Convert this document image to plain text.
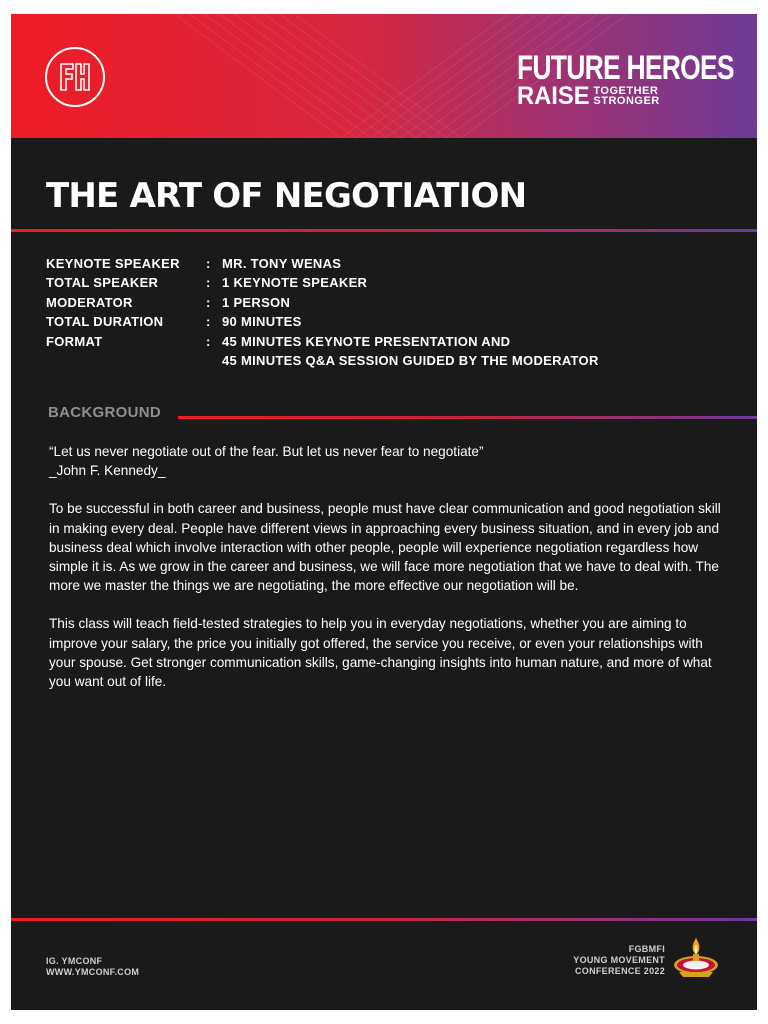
FUTURE HEROES
RAISE TOGETHER
STRONGER
THE ART OF NEGOTIATION
KEYNOTE SPEAKER	: MR. TONY WENAS
TOTAL SPEAKER	: 1 KEYNOTE SPEAKER
MODERATOR	: 1 PERSON
TOTAL DURATION	: 90 MINUTES
FORMAT	: 45 MINUTES KEYNOTE PRESENTATION AND
45 MINUTES Q&A SESSION GUIDED BY THE MODERATOR
BACKGROUND

“Let us never negotiate out of the fear. But let us never fear to negotiate”
_John F. Kennedy_

To be successful in both career and business, people must have clear communication and good negotiation skill in making every deal. People have different views in approaching every business situation, and in every job and business deal which involve interaction with other people, people will experience negotiation regardless how simple it is. As we grow in the career and business, we will face more negotiation that we have to deal with. The more we master the things we are negotiating, the more effective our negotiation will be.

This class will teach field-tested strategies to help you in everyday negotiations, whether you are aiming to improve your salary, the price you initially got offered, the service you receive, or even your relationships with your spouse. Get stronger communication skills, game-changing insights into human nature, and more of what you want out of life.

IG. YMCONF
WWW.YMCONF.COM
FGBMFI
YOUNG MOVEMENT
CONFERENCE 2022
